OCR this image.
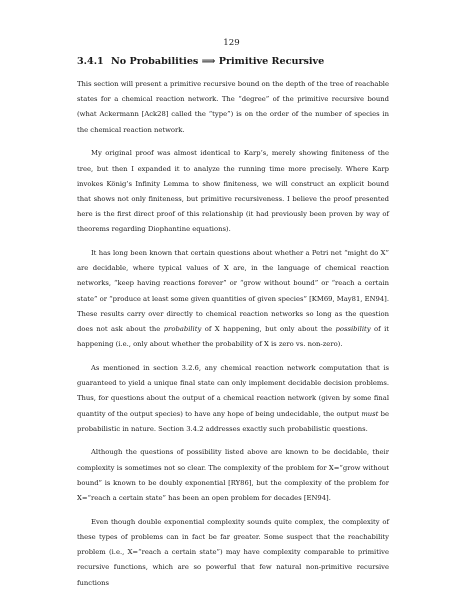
129
3.4.1 No Probabilities ⟹ Primitive Recursive

This section will present a primitive recursive bound on the depth of the tree of reachable states for a chemical reaction network. The “degree” of the primitive recursive bound (what Ackermann [Ack28] called the “type”) is on the order of the number of species in the chemical reaction network.

My original proof was almost identical to Karp’s, merely showing finiteness of the tree, but then I expanded it to analyze the running time more precisely. Where Karp invokes König’s Infinity Lemma to show finiteness, we will construct an explicit bound that shows not only finiteness, but primitive recursiveness. I believe the proof presented here is the first direct proof of this relationship (it had previously been proven by way of theorems regarding Diophantine equations).

It has long been known that certain questions about whether a Petri net “might do X” are decidable, where typical values of X are, in the language of chemical reaction networks, “keep having reactions forever” or “grow without bound” or “reach a certain state” or “produce at least some given quantities of given species” [KM69, May81, EN94]. These results carry over directly to chemical reaction networks so long as the question does not ask about the probability of X happening, but only about the possibility of it happening (i.e., only about whether the probability of X is zero vs. non-zero).

As mentioned in section 3.2.6, any chemical reaction network computation that is guaranteed to yield a unique final state can only implement decidable decision problems. Thus, for questions about the output of a chemical reaction network (given by some final quantity of the output species) to have any hope of being undecidable, the output must be probabilistic in nature. Section 3.4.2 addresses exactly such probabilistic questions.

Although the questions of possibility listed above are known to be decidable, their complexity is sometimes not so clear. The complexity of the problem for X=“grow without bound” is known to be doubly exponential [RY86], but the complexity of the problem for X=“reach a certain state” has been an open problem for decades [EN94].

Even though double exponential complexity sounds quite complex, the complexity of these types of problems can in fact be far greater. Some suspect that the reachability problem (i.e., X=“reach a certain state”) may have complexity comparable to primitive recursive functions, which are so powerful that few natural non-primitive recursive functions
